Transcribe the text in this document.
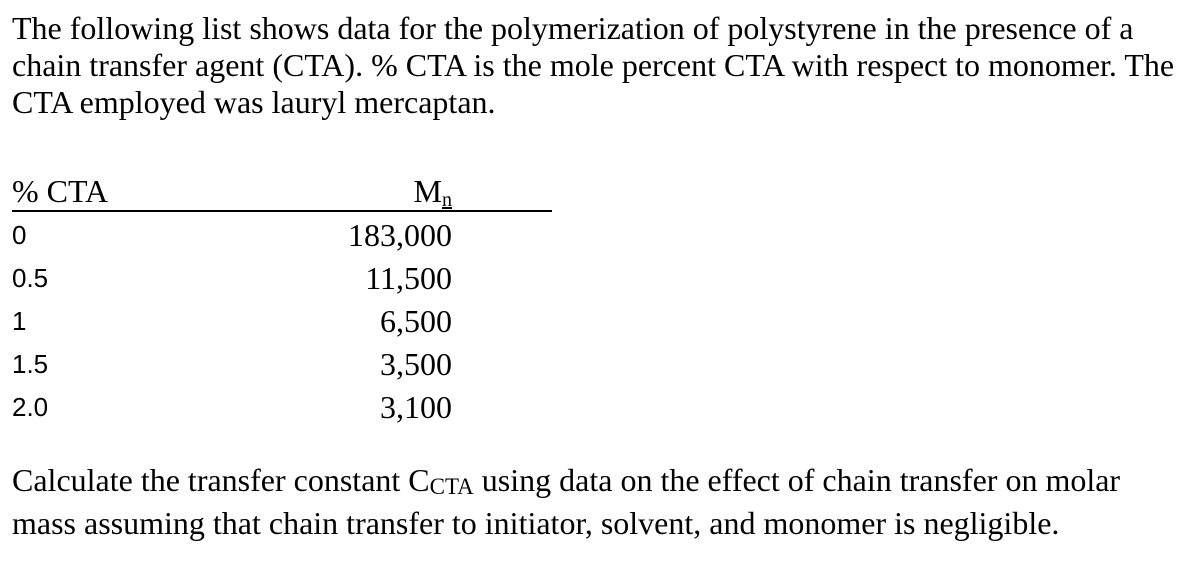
The following list shows data for the polymerization of polystyrene in the presence of a chain transfer agent (CTA). % CTA is the mole percent CTA with respect to monomer. The CTA employed was lauryl mercaptan.

% CTA	$M_n$
0	183,000
0.5	11,500
1	6,500
1.5	3,500
2.0	3,100

Calculate the transfer constant CCTA using data on the effect of chain transfer on molar mass assuming that chain transfer to initiator, solvent, and monomer is negligible.
